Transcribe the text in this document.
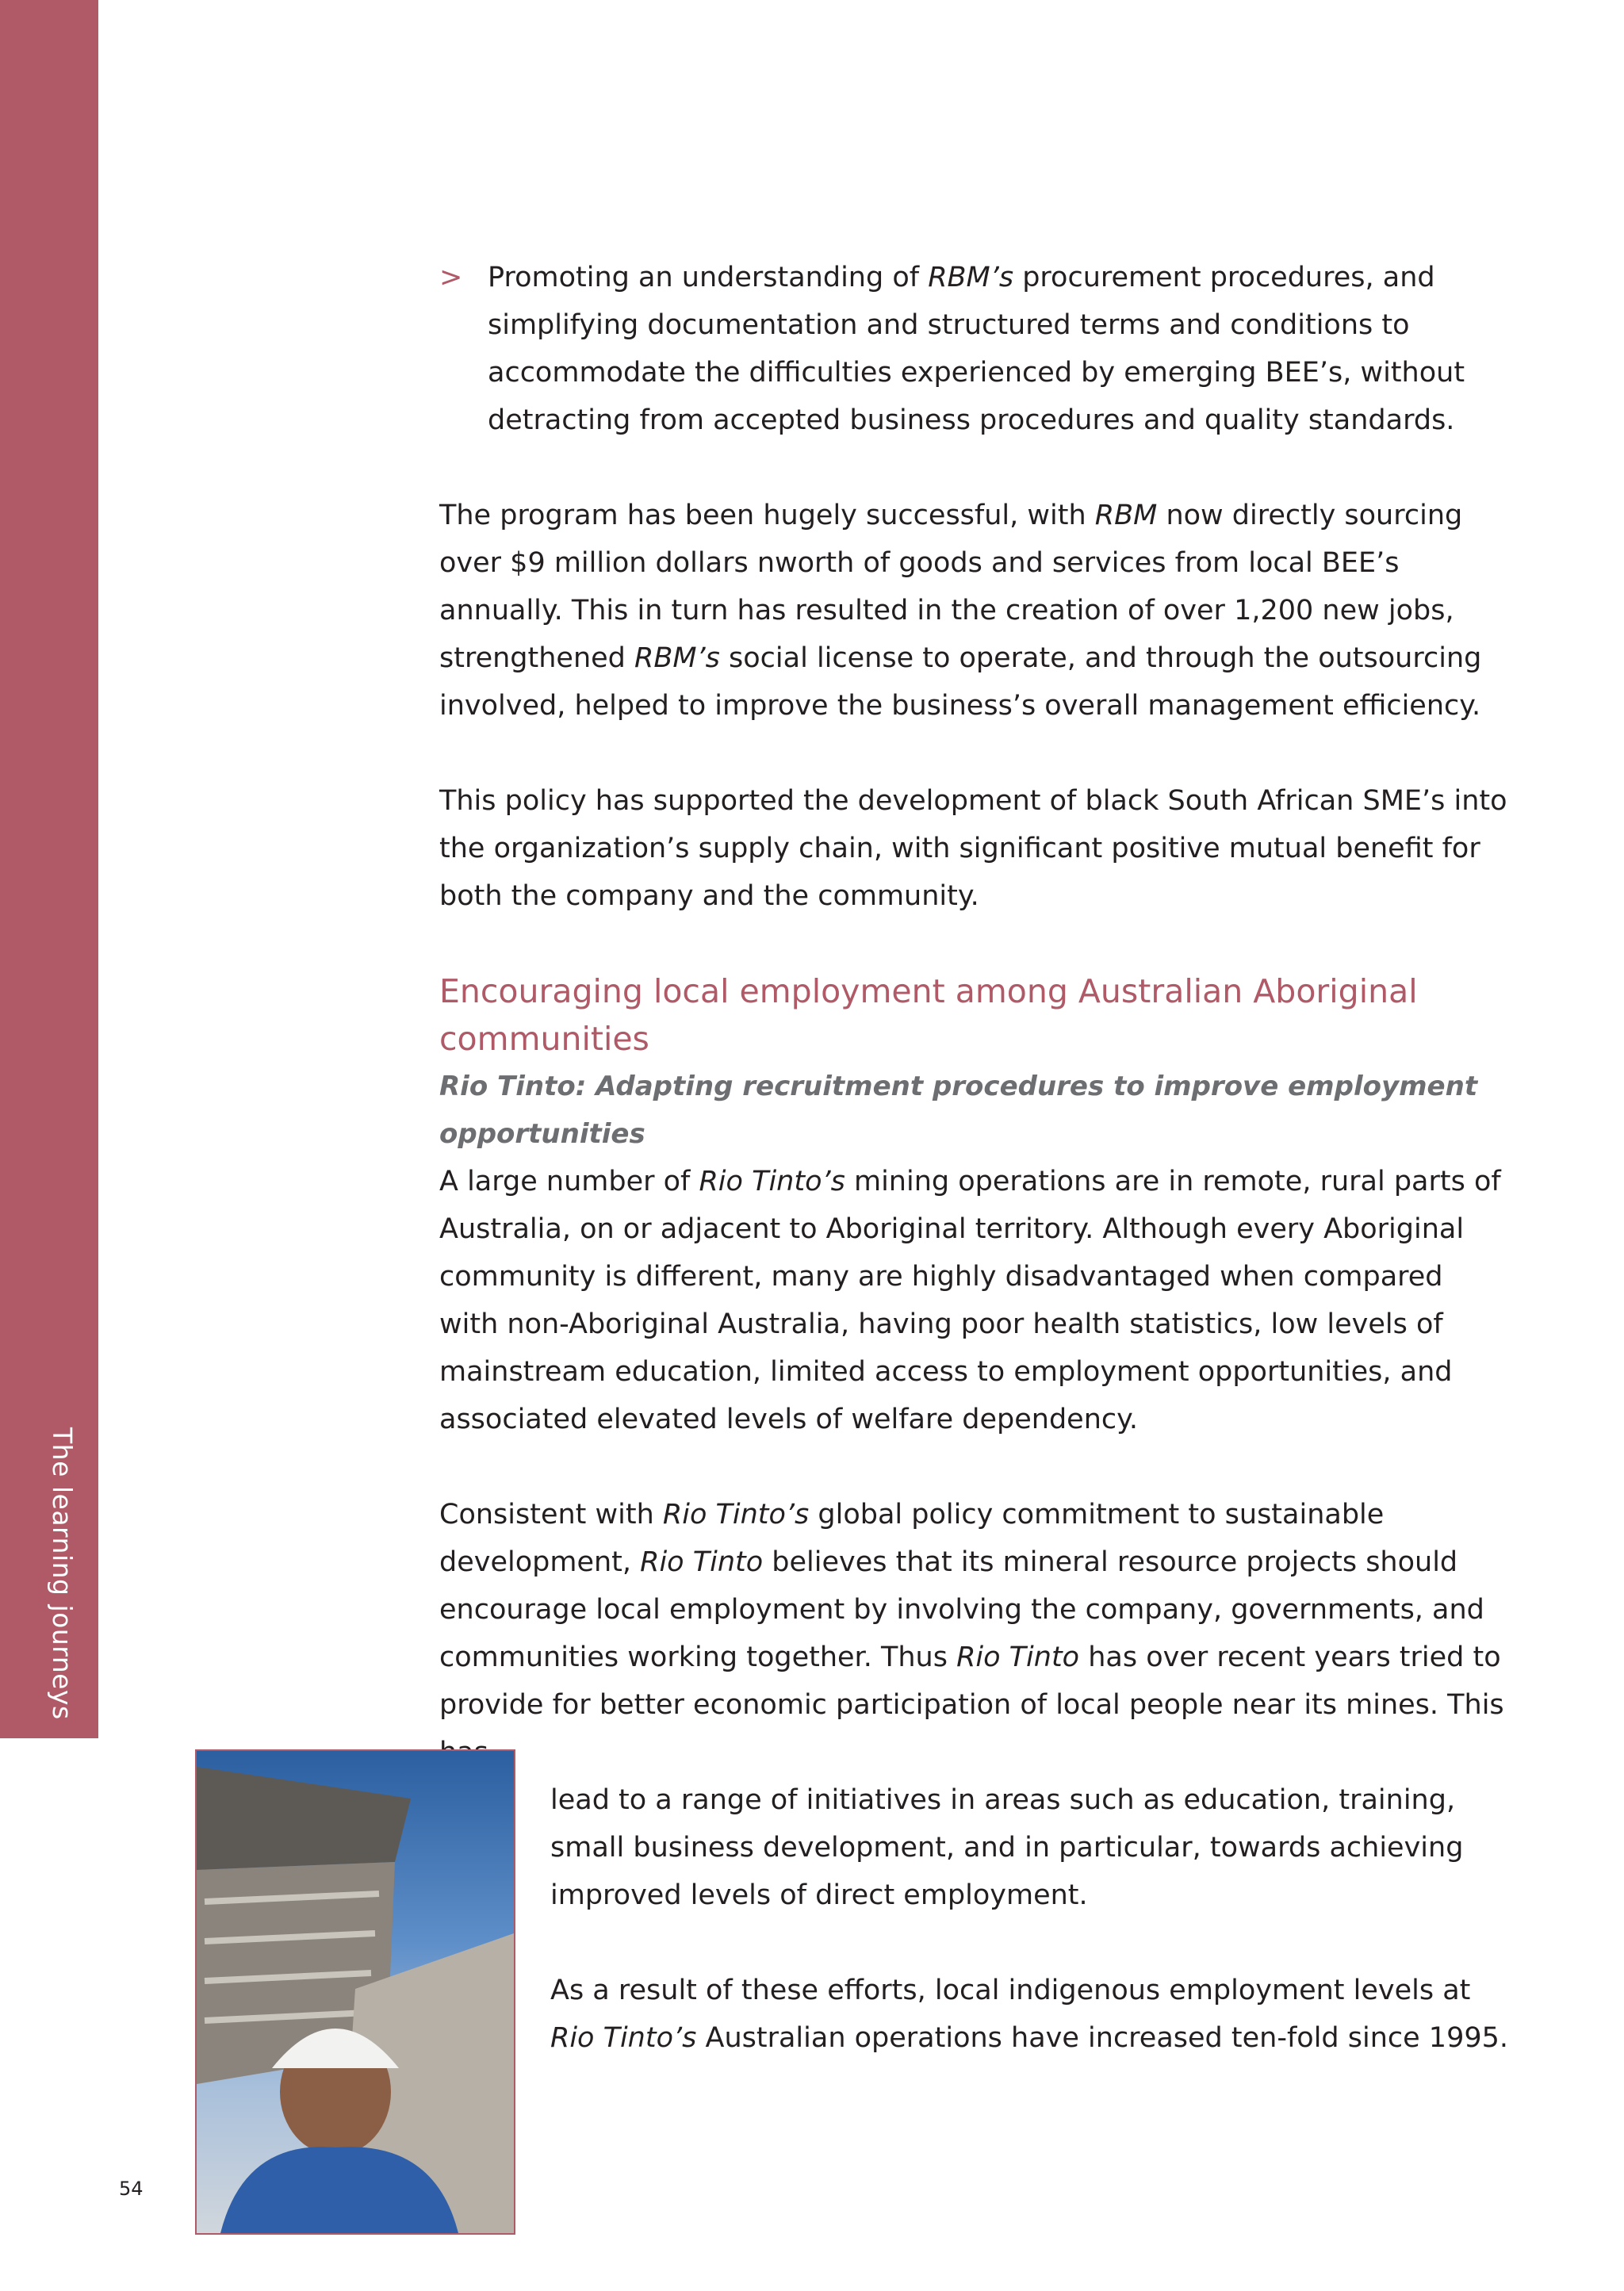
The learning journeys
> Promoting an understanding of RBM’s procurement procedures, and simplifying documentation and structured terms and conditions to accommodate the difficulties experienced by emerging BEE’s, without detracting from accepted business procedures and quality standards.

The program has been hugely successful, with RBM now directly sourcing over $9 million dollars nworth of goods and services from local BEE’s annually. This in turn has resulted in the creation of over 1,200 new jobs, strengthened RBM’s social license to operate, and through the outsourcing involved, helped to improve the business’s overall management efficiency.

This policy has supported the development of black South African SME’s into the organization’s supply chain, with significant positive mutual benefit for both the company and the community.

Encouraging local employment among Australian Aboriginal communities
Rio Tinto: Adapting recruitment procedures to improve employment opportunities

A large number of Rio Tinto’s mining operations are in remote, rural parts of Australia, on or adjacent to Aboriginal territory. Although every Aboriginal community is different, many are highly disadvantaged when compared with non-Aboriginal Australia, having poor health statistics, low levels of mainstream education, limited access to employment opportunities, and associated elevated levels of welfare dependency.

Consistent with Rio Tinto’s global policy commitment to sustainable development, Rio Tinto believes that its mineral resource projects should encourage local employment by involving the company, governments, and communities working together. Thus Rio Tinto has over recent years tried to provide for better economic participation of local people near its mines. This

lead to a range of initiatives in areas such as education, training, small business development, and in particular, towards achieving improved levels of direct employment.

As a result of these efforts, local indigenous employment levels at Rio Tinto’s Australian operations have increased ten-fold since 1995.

54
